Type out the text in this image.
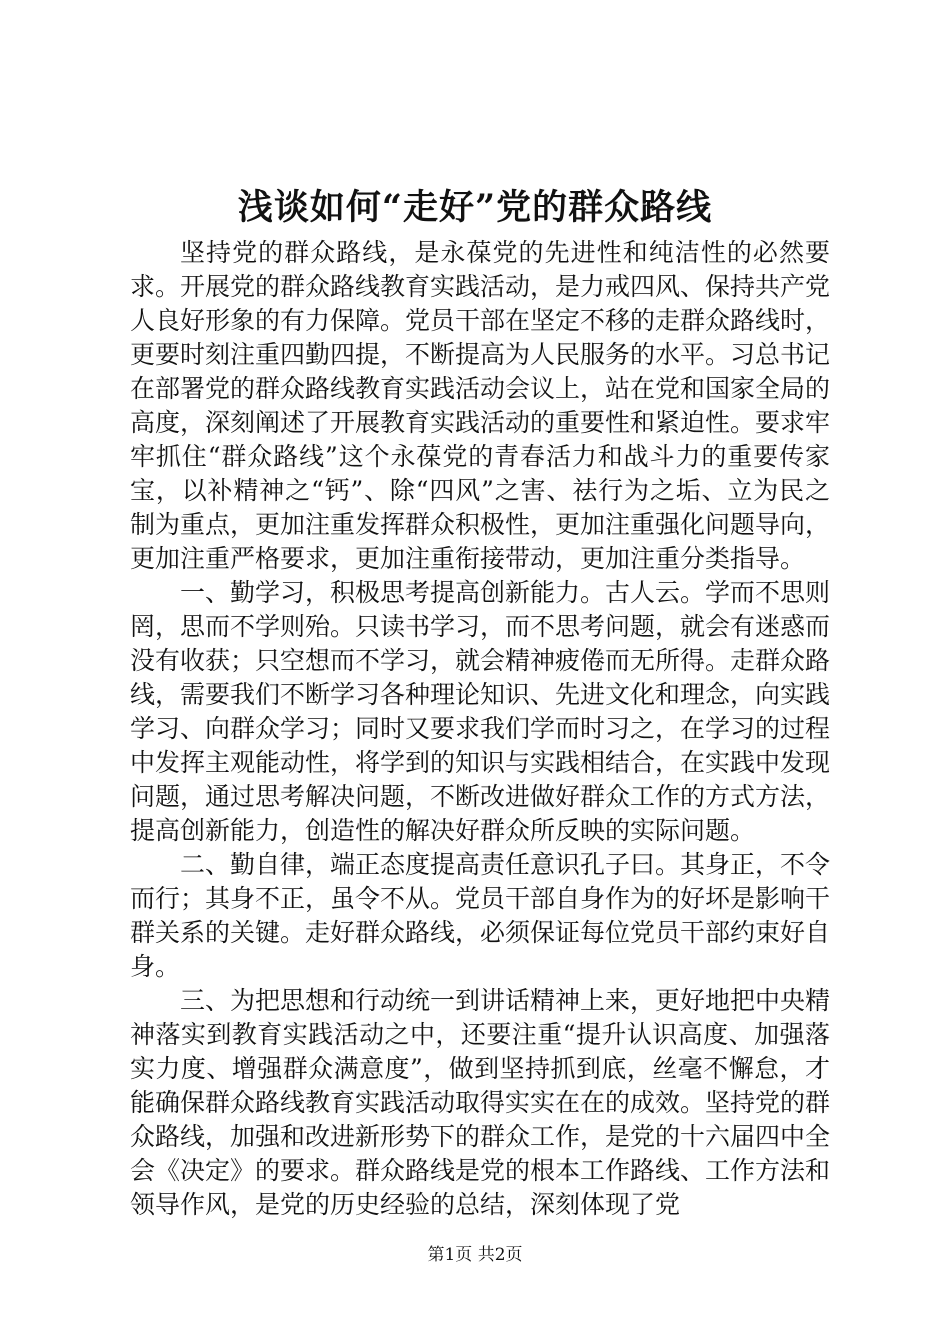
浅谈如何“走好”党的群众路线

坚持党的群众路线，是永葆党的先进性和纯洁性的必然要求。开展党的群众路线教育实践活动，是力戒四风、保持共产党人良好形象的有力保障。党员干部在坚定不移的走群众路线时，更要时刻注重四勤四提，不断提高为人民服务的水平。习总书记在部署党的群众路线教育实践活动会议上，站在党和国家全局的高度，深刻阐述了开展教育实践活动的重要性和紧迫性。要求牢牢抓住“群众路线”这个永葆党的青春活力和战斗力的重要传家宝，以补精神之“钙”、除“四风”之害、祛行为之垢、立为民之制为重点，更加注重发挥群众积极性，更加注重强化问题导向，更加注重严格要求，更加注重衔接带动，更加注重分类指导。

一、勤学习，积极思考提高创新能力。古人云。学而不思则罔，思而不学则殆。只读书学习，而不思考问题，就会有迷惑而没有收获；只空想而不学习，就会精神疲倦而无所得。走群众路线，需要我们不断学习各种理论知识、先进文化和理念，向实践学习、向群众学习；同时又要求我们学而时习之，在学习的过程中发挥主观能动性，将学到的知识与实践相结合，在实践中发现问题，通过思考解决问题，不断改进做好群众工作的方式方法，提高创新能力，创造性的解决好群众所反映的实际问题。

二、勤自律，端正态度提高责任意识孔子曰。其身正，不令而行；其身不正，虽令不从。党员干部自身作为的好坏是影响干群关系的关键。走好群众路线，必须保证每位党员干部约束好自身。

三、为把思想和行动统一到讲话精神上来，更好地把中央精神落实到教育实践活动之中，还要注重“提升认识高度、加强落实力度、增强群众满意度”，做到坚持抓到底，丝毫不懈怠，才能确保群众路线教育实践活动取得实实在在的成效。坚持党的群众路线，加强和改进新形势下的群众工作，是党的十六届四中全会《决定》的要求。群众路线是党的根本工作路线、工作方法和领导作风，是党的历史经验的总结，深刻体现了党

第1页 共2页
